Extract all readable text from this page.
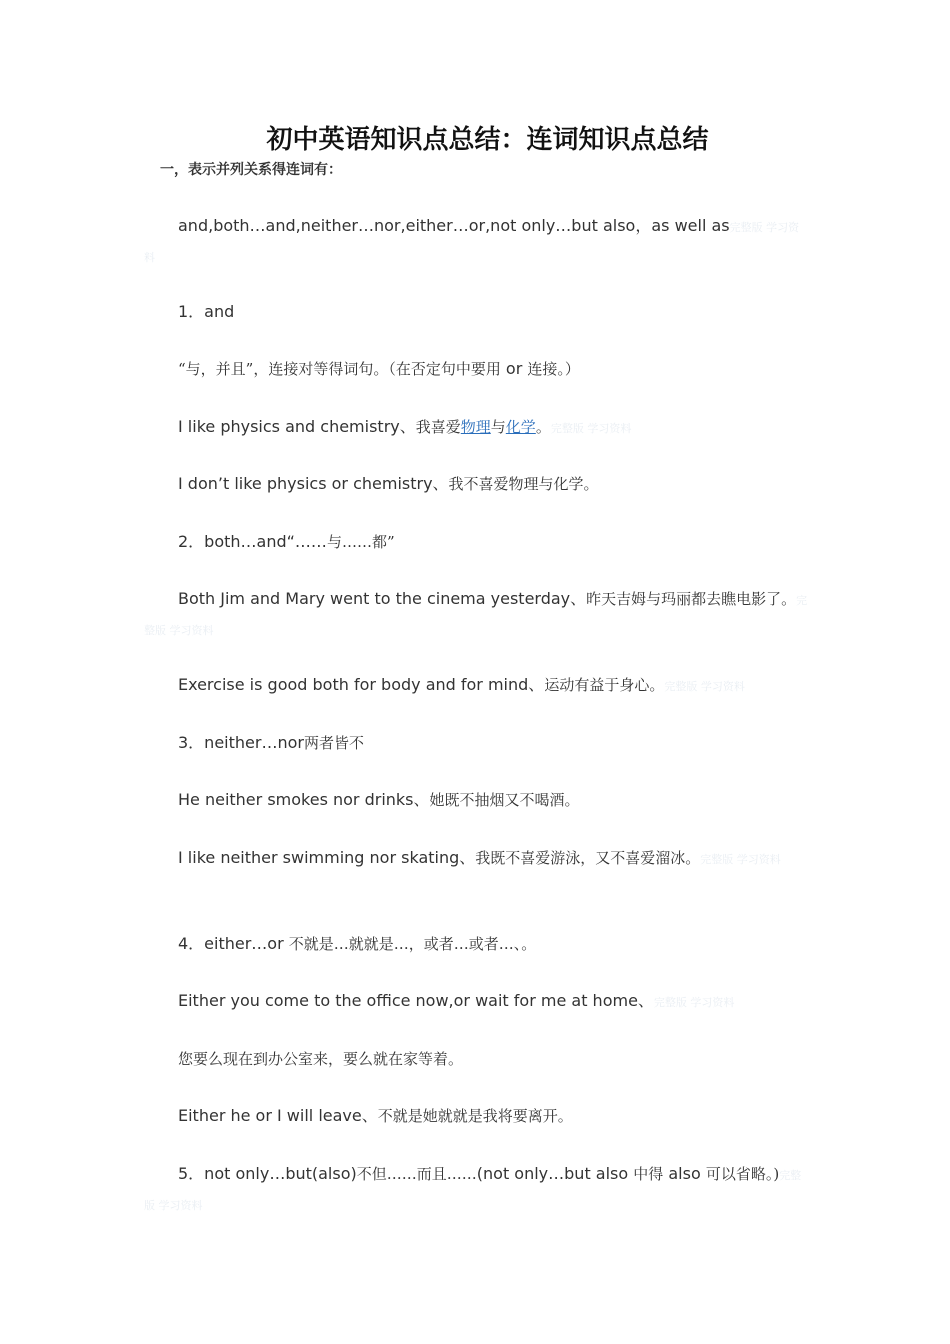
初中英语知识点总结：连词知识点总结
一，表示并列关系得连词有：
and,both…and,neither…nor,either…or,not only…but also，as well as完整版 学习资料
1．and
“与，并且”，连接对等得词句。（在否定句中要用 or 连接。）
I like physics and chemistry、我喜爱物理与化学。完整版 学习资料
I don’t like physics or chemistry、我不喜爱物理与化学。
2．both…and“……与……都”
Both Jim and Mary went to the cinema yesterday、昨天吉姆与玛丽都去瞧电影了。完整版 学习资料
Exercise is good both for body and for mind、运动有益于身心。完整版 学习资料
3．neither…nor两者皆不
He neither smokes nor drinks、她既不抽烟又不喝酒。
I like neither swimming nor skating、我既不喜爱游泳，又不喜爱溜冰。完整版 学习资料
4．either…or 不就是…就就是…，或者…或者…、。
Either you come to the office now,or wait for me at home、完整版 学习资料
您要么现在到办公室来，要么就在家等着。
Either he or I will leave、不就是她就就是我将要离开。
5．not only…but(also)不但……而且……(not only…but also 中得 also 可以省略。)完整版 学习资料
